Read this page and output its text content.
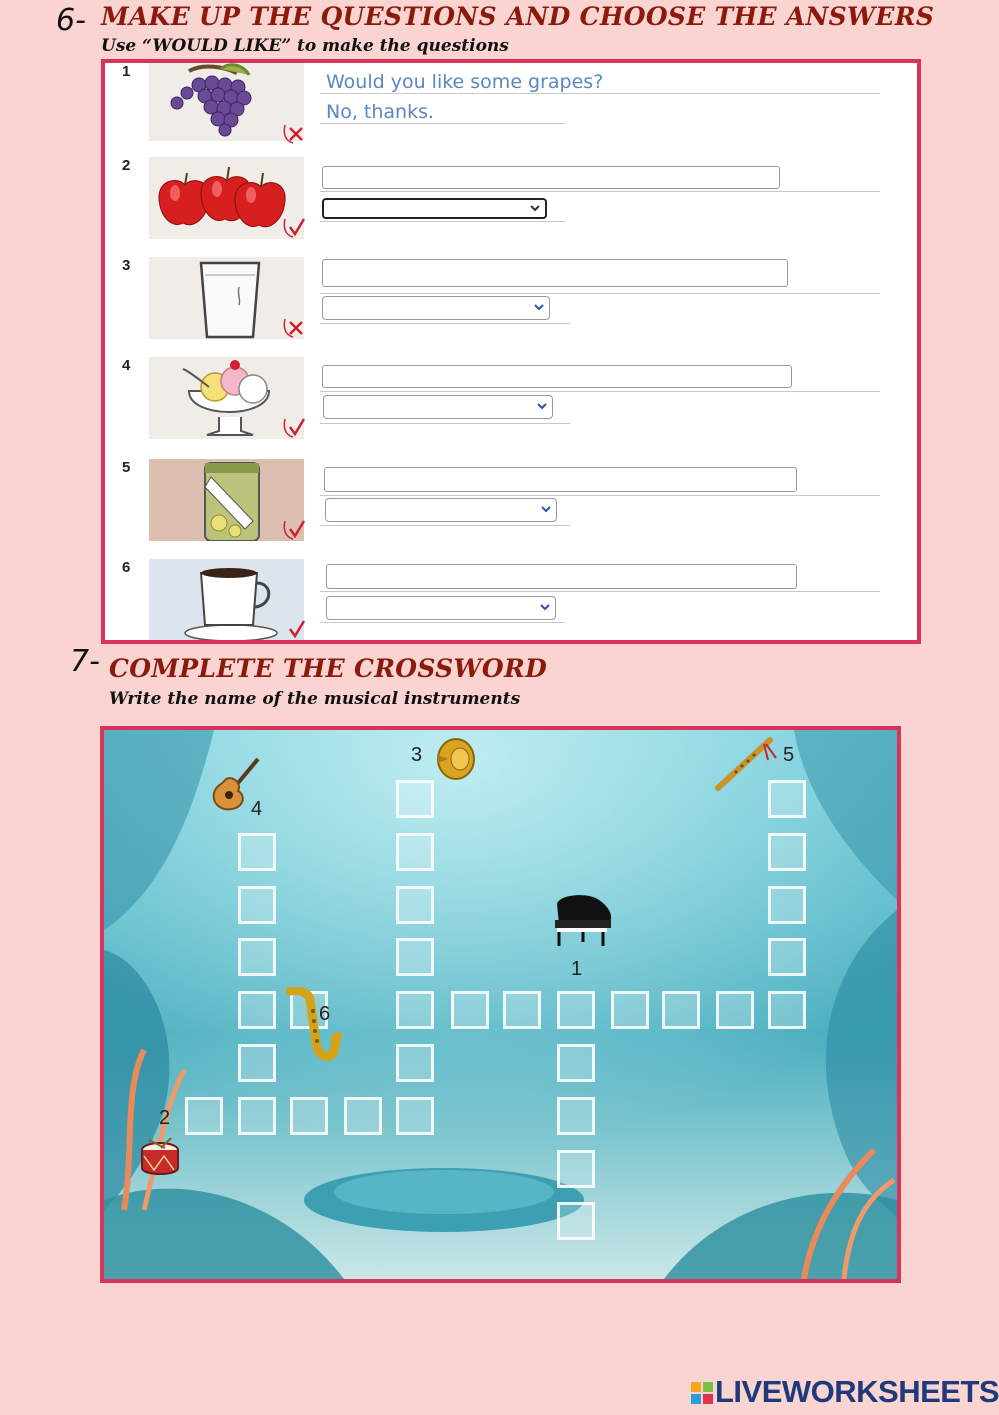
6- MAKE UP THE QUESTIONS AND CHOOSE THE ANSWERS
Use “WOULD LIKE” to make the questions
1	Would you like some grapes?
No, thanks.
2
3
4
5
6
7- COMPLETE THE CROSSWORD
Write the name of the musical instruments
1
2
3
4
5
6
LIVEWORKSHEETS
